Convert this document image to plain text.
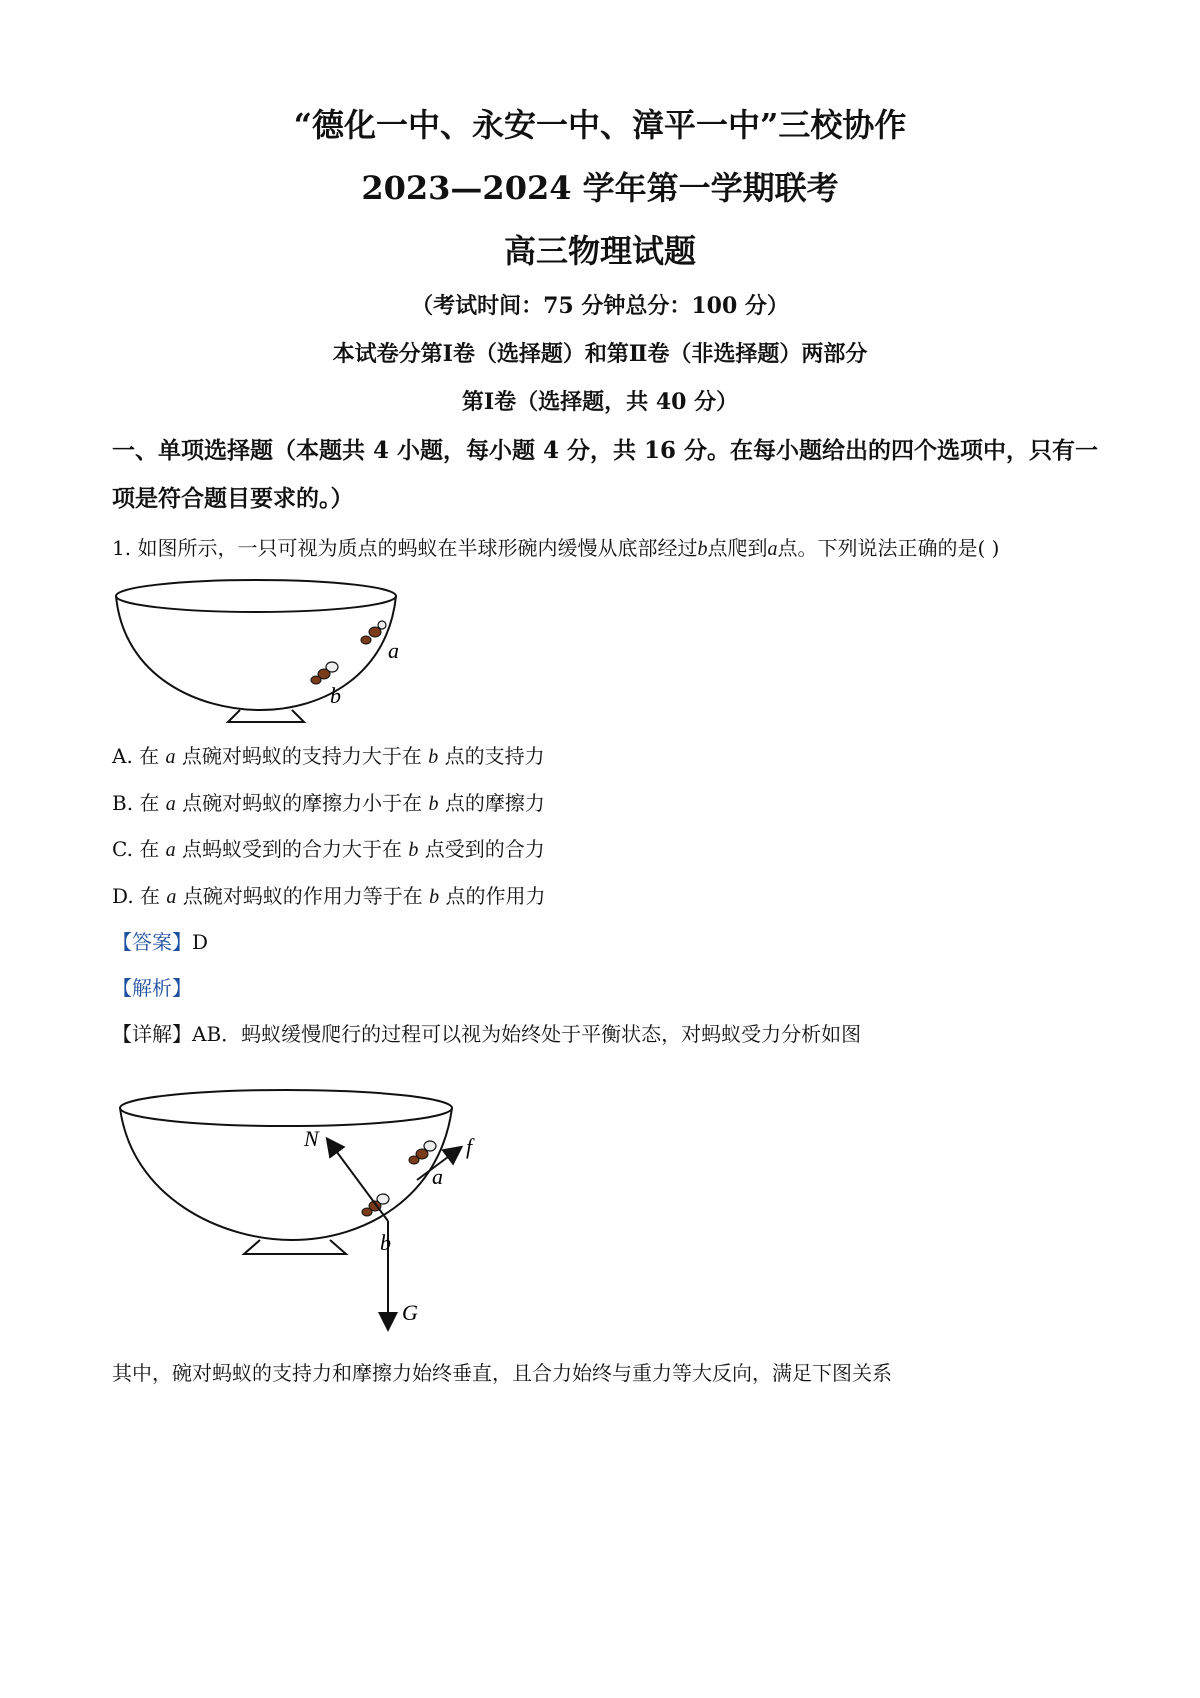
“德化一中、永安一中、漳平一中”三校协作
2023—2024 学年第一学期联考
高三物理试题
（考试时间：75 分钟总分：100 分）
本试卷分第Ⅰ卷（选择题）和第Ⅱ卷（非选择题）两部分
第Ⅰ卷（选择题，共 40 分）
一、单项选择题（本题共 4 小题，每小题 4 分，共 16 分。在每小题给出的四个选项中，只有一项是符合题目要求的。）
1. 如图所示，一只可视为质点的蚂蚁在半球形碗内缓慢从底部经过b点爬到a点。下列说法正确的是( )
a
b
A. 在 a 点碗对蚂蚁的支持力大于在 b 点的支持力
B. 在 a 点碗对蚂蚁的摩擦力小于在 b 点的摩擦力
C. 在 a 点蚂蚁受到的合力大于在 b 点受到的合力
D. 在 a 点碗对蚂蚁的作用力等于在 b 点的作用力
【答案】D
【解析】
【详解】AB．蚂蚁缓慢爬行的过程可以视为始终处于平衡状态，对蚂蚁受力分析如图
N	f
a
b
G
其中，碗对蚂蚁的支持力和摩擦力始终垂直，且合力始终与重力等大反向，满足下图关系
